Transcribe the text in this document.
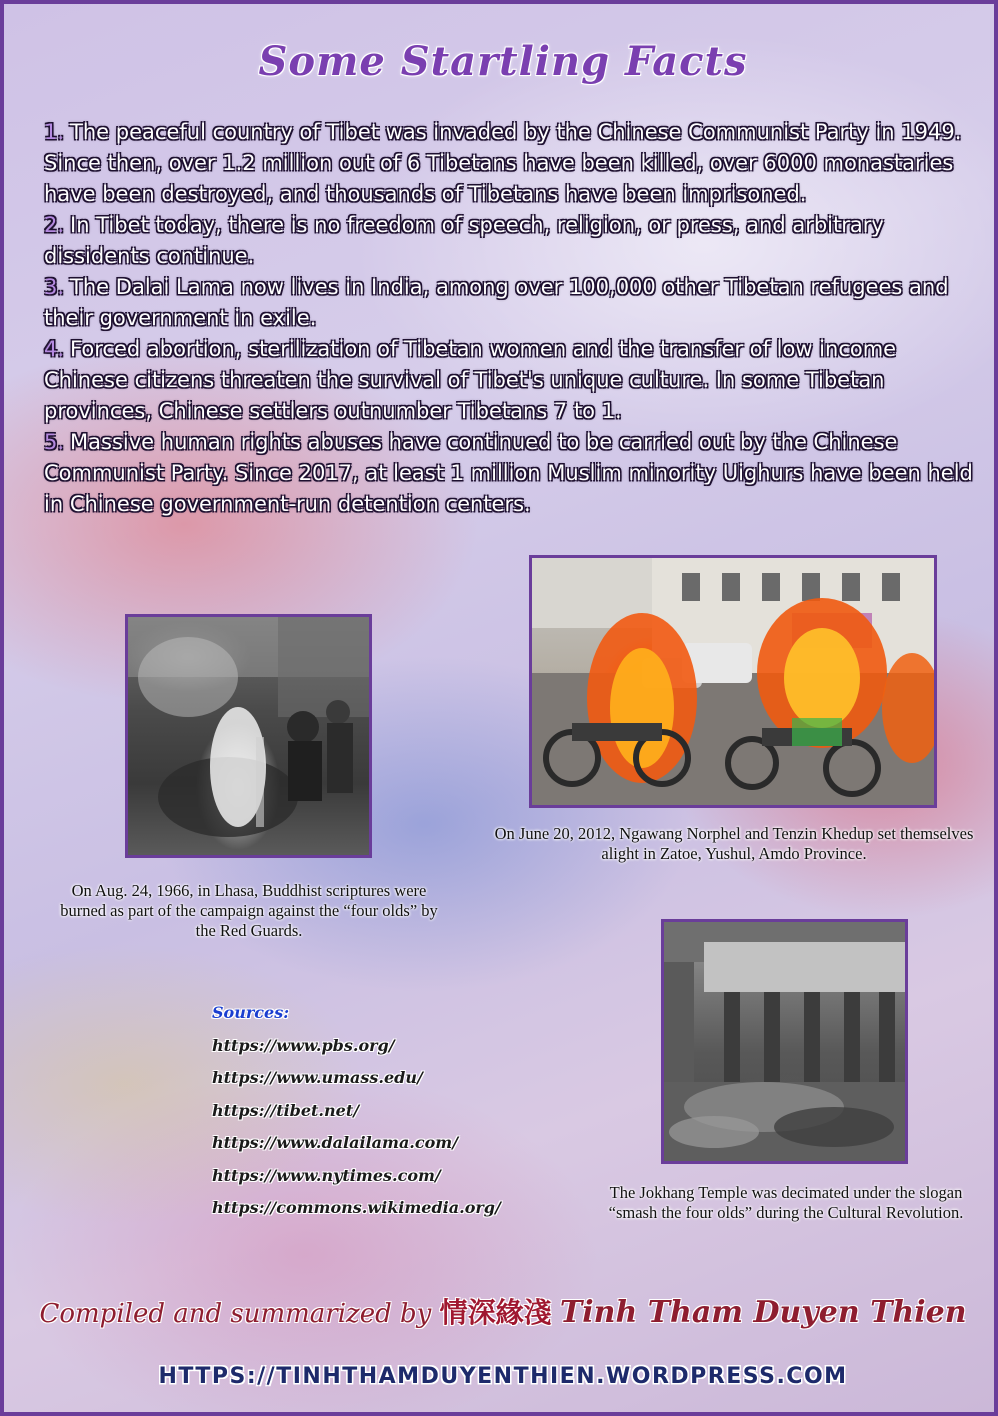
Some Startling Facts

1. The peaceful country of Tibet was invaded by the Chinese Communist Party in 1949. Since then, over 1.2 million out of 6 Tibetans have been killed, over 6000 monastaries have been destroyed, and thousands of Tibetans have been imprisoned.

2. In Tibet today, there is no freedom of speech, religion, or press, and arbitrary dissidents continue.

3. The Dalai Lama now lives in India, among over 100,000 other Tibetan refugees and their government in exile.

4. Forced abortion, sterilization of Tibetan women and the transfer of low income Chinese citizens threaten the survival of Tibet's unique culture. In some Tibetan provinces, Chinese settlers outnumber Tibetans 7 to 1.

5. Massive human rights abuses have continued to be carried out by the Chinese Communist Party. Since 2017, at least 1 million Muslim minority Uighurs have been held in Chinese government-run detention centers.

On Aug. 24, 1966, in Lhasa, Buddhist scriptures were burned as part of the campaign against the “four olds” by the Red Guards.
On June 20, 2012, Ngawang Norphel and Tenzin Khedup set themselves alight in Zatoe, Yushul, Amdo Province.
The Jokhang Temple was decimated under the slogan “smash the four olds” during the Cultural Revolution.
Sources:
https://www.pbs.org/
https://www.umass.edu/
https://tibet.net/
https://www.dalailama.com/
https://www.nytimes.com/
https://commons.wikimedia.org/
Compiled and summarized by 情深緣淺 Tinh Tham Duyen Thien
HTTPS://TINHTHAMDUYENTHIEN.WORDPRESS.COM
